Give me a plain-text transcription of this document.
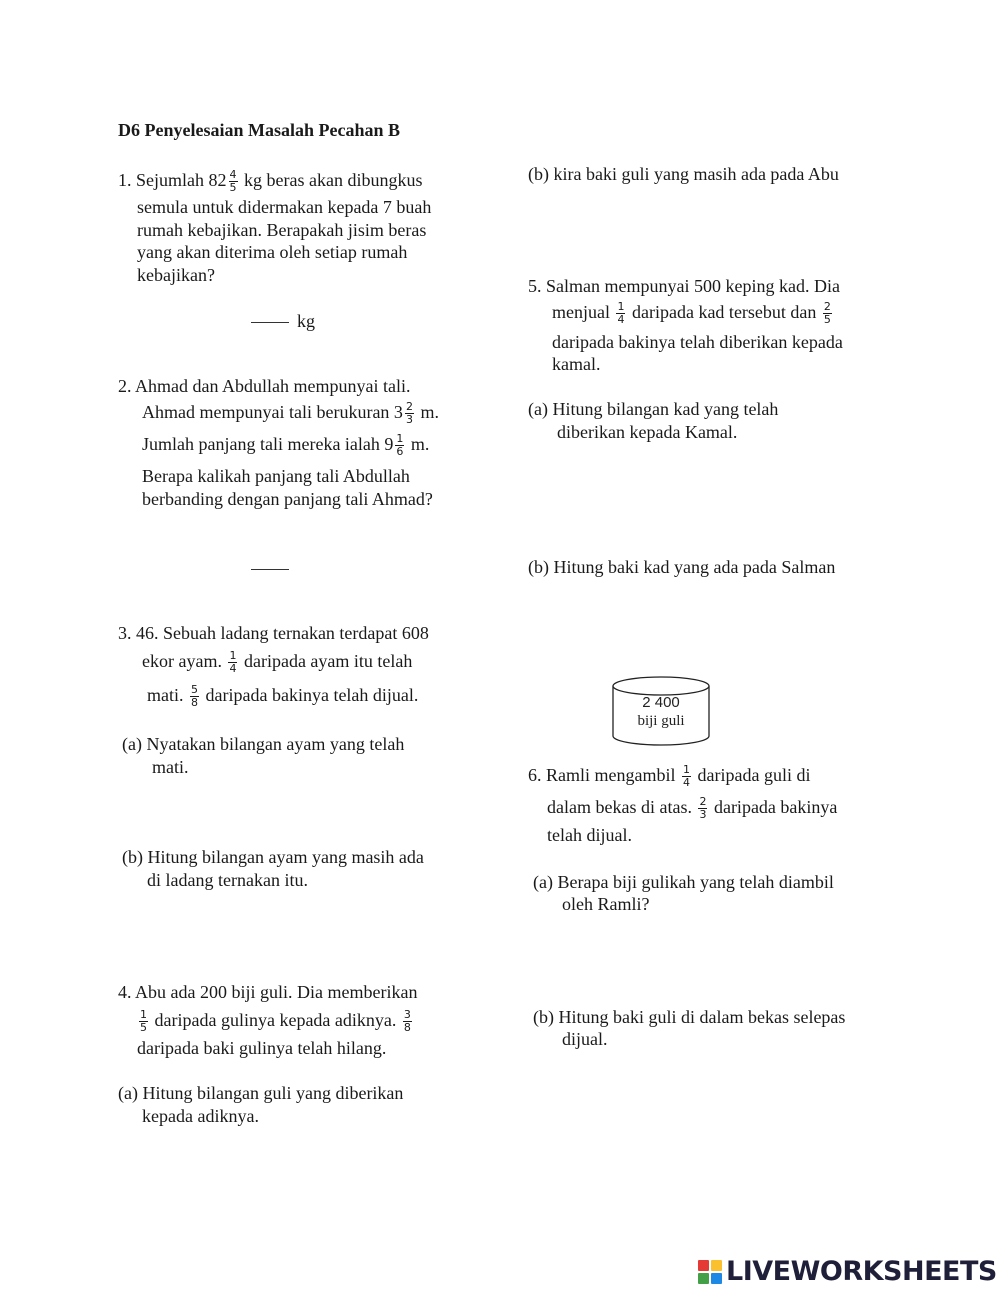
D6 Penyelesaian Masalah Pecahan B
1. Sejumlah $82 \frac{4}{5}$ kg beras akan dibungkus
semula untuk didermakan kepada 7 buah
rumah kebajikan. Berapakah jisim beras
yang akan diterima oleh setiap rumah
kebajikan?
kg
2. Ahmad dan Abdullah mempunyai tali.
Ahmad mempunyai tali berukuran $3 \frac{2}{3} m$.
Jumlah panjang tali mereka ialah $9 \frac{1}{6} m$.
Berapa kalikah panjang tali Abdullah
berbanding dengan panjang tali Ahmad?
3. 46. Sebuah ladang ternakan terdapat 608
ekor ayam. $\frac{1}{4}$ daripada ayam itu telah
mati. $\frac{5}{8}$ daripada bakinya telah dijual.
(a) Nyatakan bilangan ayam yang telah
mati.
(b) Hitung bilangan ayam yang masih ada
di ladang ternakan itu.
4. Abu ada 200 biji guli. Dia memberikan
$\frac{1}{5}$ daripada gulinya kepada adiknya. $\frac{3}{8}$
daripada baki gulinya telah hilang.
(a) Hitung bilangan guli yang diberikan
kepada adiknya.
(b) kira baki guli yang masih ada pada Abu
5. Salman mempunyai 500 keping kad. Dia
menjual $\frac{1}{4}$ daripada kad tersebut dan $\frac{2}{5}$
daripada bakinya telah diberikan kepada
kamal.
(a) Hitung bilangan kad yang telah
diberikan kepada Kamal.
(b) Hitung baki kad yang ada pada Salman
2 400
biji guli
6. Ramli mengambil $\frac{1}{4}$ daripada guli di
dalam bekas di atas. $\frac{2}{3}$ daripada bakinya
telah dijual.
(a) Berapa biji gulikah yang telah diambil
oleh Ramli?
(b) Hitung baki guli di dalam bekas selepas
dijual.
LIVEWORKSHEETS
